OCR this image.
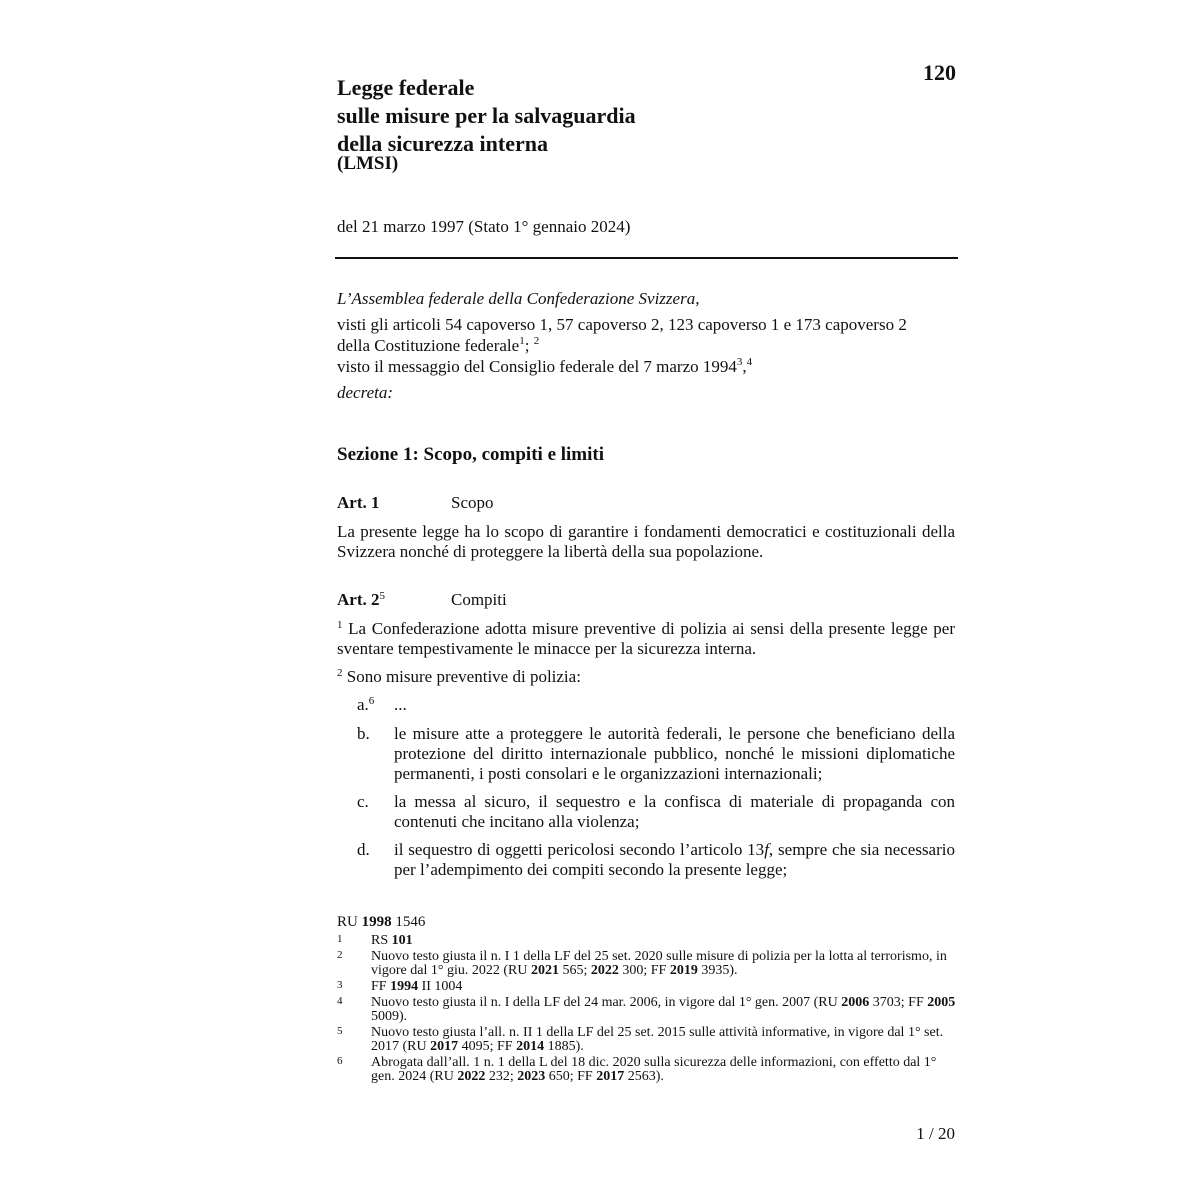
120
Legge federale
sulle misure per la salvaguardia
della sicurezza interna
(LMSI)
del 21 marzo 1997 (Stato 1° gennaio 2024)
L’Assemblea federale della Confederazione Svizzera,
visti gli articoli 54 capoverso 1, 57 capoverso 2, 123 capoverso 1 e 173 capoverso 2
della Costituzione federale$^1$; $^2$
visto il messaggio del Consiglio federale del 7 marzo 1994$^3$,$^4$
decreta:
Sezione 1: Scopo, compiti e limiti
Art. 1	Scopo
La presente legge ha lo scopo di garantire i fondamenti democratici e costituzionali della Svizzera nonché di proteggere la libertà della sua popolazione.
Art. $2^5$	Compiti
$^1$ La Confederazione adotta misure preventive di polizia ai sensi della presente legge per sventare tempestivamente le minacce per la sicurezza interna.
$^2$ Sono misure preventive di polizia:
a.$^6$	...
b.	le misure atte a proteggere le autorità federali, le persone che beneficiano della protezione del diritto internazionale pubblico, nonché le missioni diplomatiche permanenti, i posti consolari e le organizzazioni internazionali;
c.	la messa al sicuro, il sequestro e la confisca di materiale di propaganda con contenuti che incitano alla violenza;
d.	il sequestro di oggetti pericolosi secondo l’articolo 13f, sempre che sia necessario per l’adempimento dei compiti secondo la presente legge;
RU 1998 1546
1 RS 101
2 Nuovo testo giusta il n. I 1 della LF del 25 set. 2020 sulle misure di polizia per la lotta al terrorismo, in vigore dal 1° giu. 2022 (RU 2021 565; 2022 300; FF 2019 3935).
3 FF 1994 II 1004
4 Nuovo testo giusta il n. I della LF del 24 mar. 2006, in vigore dal 1° gen. 2007 (RU 2006 3703; FF 2005 5009).
5 Nuovo testo giusta l’all. n. II 1 della LF del 25 set. 2015 sulle attività informative, in vigore dal 1° set. 2017 (RU 2017 4095; FF 2014 1885).
6 Abrogata dall’all. 1 n. 1 della L del 18 dic. 2020 sulla sicurezza delle informazioni, con effetto dal 1° gen. 2024 (RU 2022 232; 2023 650; FF 2017 2563).
1 / 20
